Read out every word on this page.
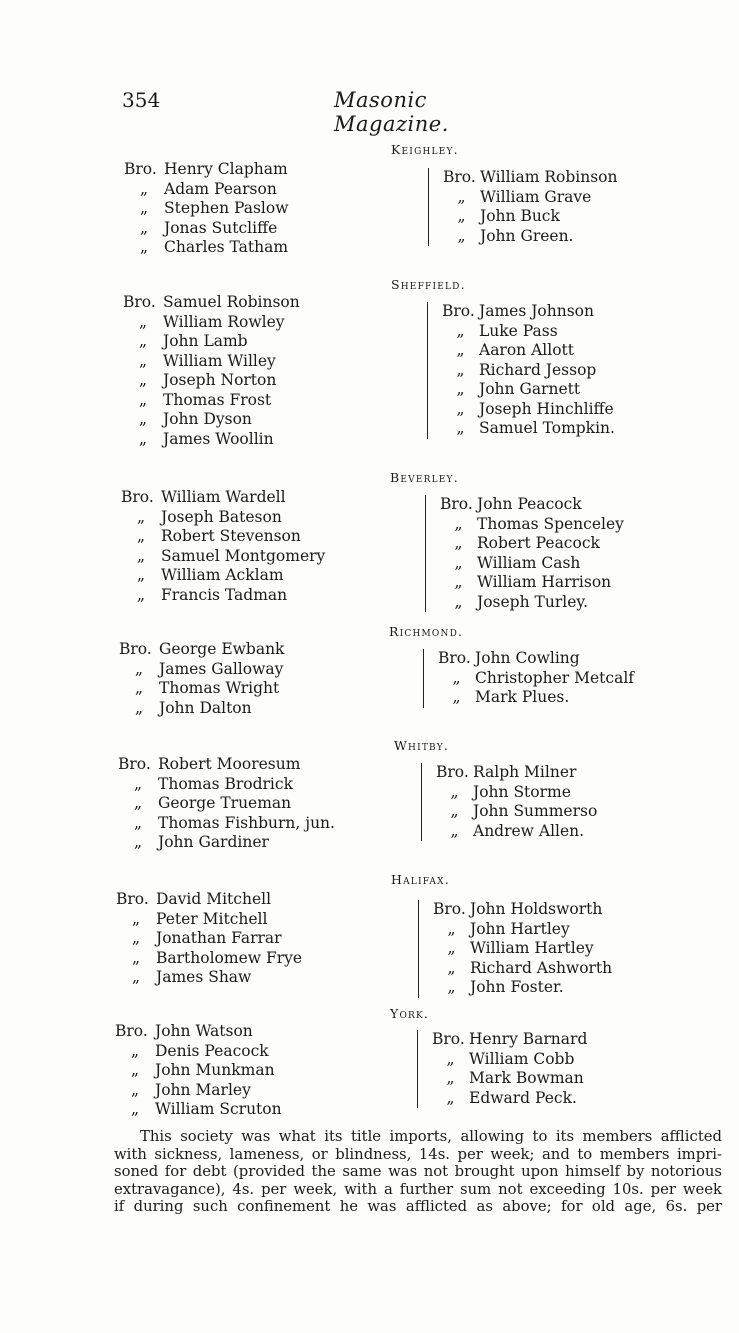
354	Masonic Magazine.
Bro. Henry Clapham
„ Adam Pearson
„ Stephen Paslow
„ Jonas Sutcliffe
„ Charles Tatham
Bro. Samuel Robinson
„ William Rowley
„ John Lamb
„ William Willey
„ Joseph Norton
„ Thomas Frost
„ John Dyson
„ James Woollin
Bro. William Wardell
„ Joseph Bateson
„ Robert Stevenson
„ Samuel Montgomery
„ William Acklam
„ Francis Tadman
Bro. George Ewbank
„ James Galloway
„ Thomas Wright
„ John Dalton
Bro. Robert Mooresum
„ Thomas Brodrick
„ George Trueman
„ Thomas Fishburn, jun.
„ John Gardiner
Bro. David Mitchell
„ Peter Mitchell
„ Jonathan Farrar
„ Bartholomew Frye
„ James Shaw
Bro. John Watson
„ Denis Peacock
„ John Munkman
„ John Marley
„ William Scruton
Keighley.
Bro. William Robinson
„ William Grave
„ John Buck
„ John Green.
Sheffield.
Bro. James Johnson
„ Luke Pass
„ Aaron Allott
„ Richard Jessop
„ John Garnett
„ Joseph Hinchliffe
„ Samuel Tompkin.
Beverley.
Bro. John Peacock
„ Thomas Spenceley
„ Robert Peacock
„ William Cash
„ William Harrison
„ Joseph Turley.
Richmond.
Bro. John Cowling
„ Christopher Metcalf
„ Mark Plues.
Whitby.
Bro. Ralph Milner
„ John Storme
„ John Summerso
„ Andrew Allen.
Halifax.
Bro. John Holdsworth
„ John Hartley
„ William Hartley
„ Richard Ashworth
„ John Foster.
York.
Bro. Henry Barnard
„ William Cobb
„ Mark Bowman
„ Edward Peck.
This society was what its title imports, allowing to its members afflicted
with sickness, lameness, or blindness, 14s. per week; and to members impri-
soned for debt (provided the same was not brought upon himself by notorious
extravagance), 4s. per week, with a further sum not exceeding 10s. per week
if during such confinement he was afflicted as above; for old age, 6s. per
